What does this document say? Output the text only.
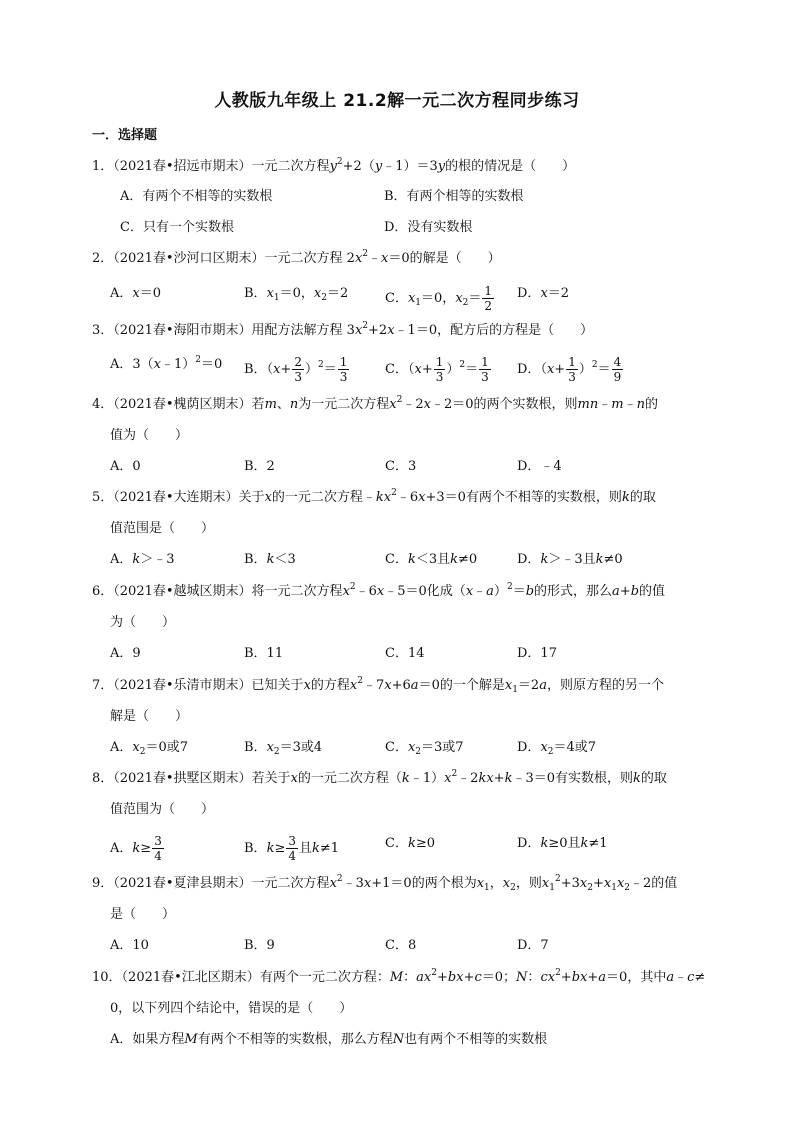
人教版九年级上 21.2解一元二次方程同步练习
一．选择题
1．（2021春•招远市期末）一元二次方程$y^2+2(y﹣1)=3y$的根的情况是（　　）
A．有两个不相等的实数根	B．有两个相等的实数根
C．只有一个实数根	D．没有实数根
2．（2021春•沙河口区期末）一元二次方程 $2x^2﹣x=0$的解是（　　）
A．x＝0	B．$x_1=0$，$x_2=2$	C．$x_1=0$，$x_2= \frac{1}{2}$ D．x＝2
3．（2021春•海阳市期末）用配方法解方程 $3x^2+2x﹣1=0$，配方后的方程是（　　）
A．3（x﹣1）$^2$＝0 B．$(x+ \frac{2}{3} )^2= \frac{1}{3}$	C．$(x+ \frac{1}{3} )^2= \frac{1}{3}$ D．$(x+ \frac{1}{3} )^2= \frac{4}{9}$
4．（2021春•槐荫区期末）若m、n为一元二次方程$x^2﹣2x﹣2=0$的两个实数根，则mn﹣m﹣n的
值为（　　）
A．0	B．2	C．3	D．﹣4
5．（2021春•大连期末）关于x的一元二次方程$﹣kx^2﹣6x+3=0$有两个不相等的实数根，则k的取
值范围是（　　）
A．k＞﹣3	B．k＜3	C．k＜3且k≠0	D．k＞﹣3且k≠0
6．（2021春•越城区期末）将一元二次方程$x^2﹣6x﹣5=0$化成（x﹣a）$^2$＝b的形式，那么a+b的值
为（　　）
A．9	B．11	C．14	D．17
7．（2021春•乐清市期末）已知关于x的方程$x^2﹣7x+6a=0$的一个解是$x_1=2a$，则原方程的另一个
解是（　　）
A．$x_2=0$或7	B．$x_2=3$或4	C．$x_2=3$或7	D．$x_2=4$或7
8．（2021春•拱墅区期末）若关于x的一元二次方程$(k﹣1)x^2﹣2kx+k﹣3=0$有实数根，则k的取
值范围为（　　）
A．$k\ge \frac{3}{4}$	B．$k\ge \frac{3}{4}$ 且k≠1	C．k≥0	D．k≥0且k≠1
9．（2021春•夏津县期末）一元二次方程$x^2﹣3x+1=0$的两个根为$x_1$，$x_2$，则$x_1^2+3x_2+x_1x_2﹣2$的值
是（　　）
A．10	B．9	C．8	D．7
10．（2021春•江北区期末）有两个一元二次方程：M：$ax^2+bx+c=0$；N：$cx^2+bx+a=0$，其中a﹣c≠
0，以下列四个结论中，错误的是（　　）
A．如果方程M有两个不相等的实数根，那么方程N也有两个不相等的实数根
